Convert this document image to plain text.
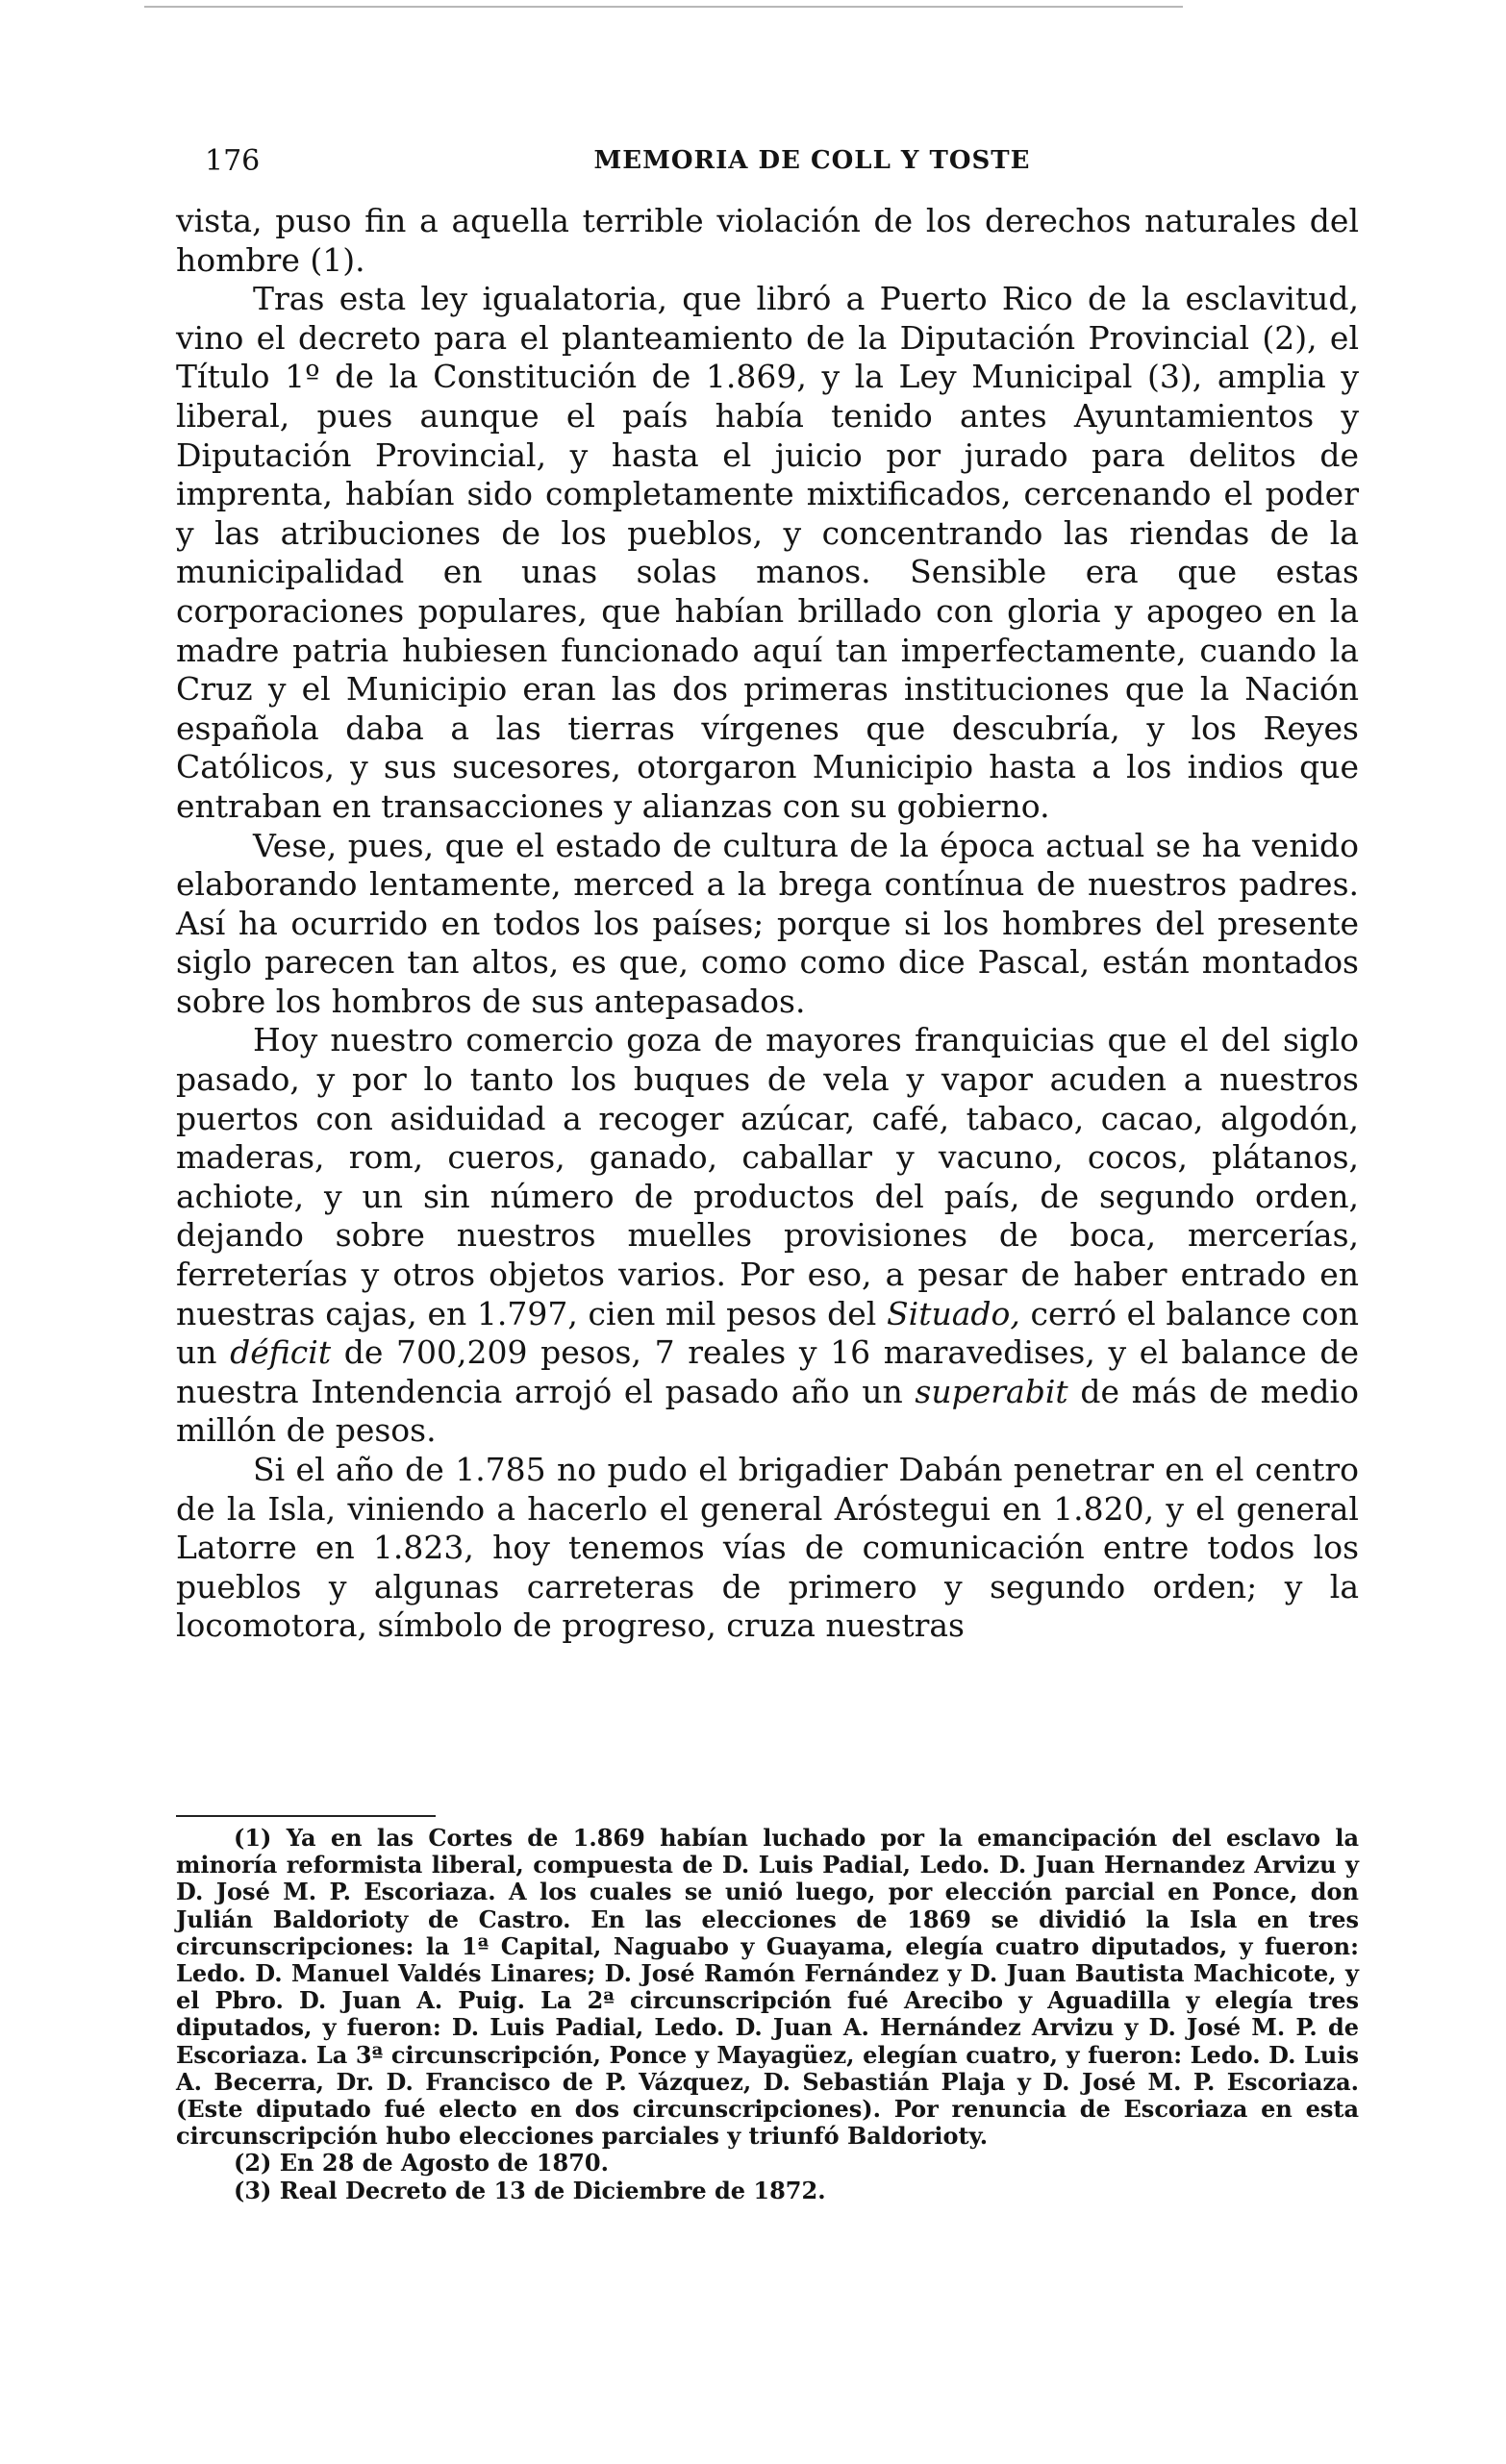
176	MEMORIA DE COLL Y TOSTE

vista, puso fin a aquella terrible violación de los derechos naturales del hombre (1).

Tras esta ley igualatoria, que libró a Puerto Rico de la esclavitud, vino el decreto para el planteamiento de la Diputación Provincial (2), el Título 1º de la Constitución de 1.869, y la Ley Municipal (3), amplia y liberal, pues aunque el país había tenido antes Ayuntamientos y Diputación Provincial, y hasta el juicio por jurado para delitos de imprenta, habían sido completamente mixtificados, cercenando el poder y las atribuciones de los pueblos, y concentrando las riendas de la municipalidad en unas solas manos. Sensible era que estas corporaciones populares, que habían brillado con gloria y apogeo en la madre patria hubiesen funcionado aquí tan imperfectamente, cuando la Cruz y el Municipio eran las dos primeras instituciones que la Nación española daba a las tierras vírgenes que descubría, y los Reyes Católicos, y sus sucesores, otorgaron Municipio hasta a los indios que entraban en transacciones y alianzas con su gobierno.

Vese, pues, que el estado de cultura de la época actual se ha venido elaborando lentamente, merced a la brega contínua de nuestros padres. Así ha ocurrido en todos los países; porque si los hombres del presente siglo parecen tan altos, es que, como como dice Pascal, están montados sobre los hombros de sus antepasados.

Hoy nuestro comercio goza de mayores franquicias que el del siglo pasado, y por lo tanto los buques de vela y vapor acuden a nuestros puertos con asiduidad a recoger azúcar, café, tabaco, cacao, algodón, maderas, rom, cueros, ganado, caballar y vacuno, cocos, plátanos, achiote, y un sin número de productos del país, de segundo orden, dejando sobre nuestros muelles provisiones de boca, mercerías, ferreterías y otros objetos varios. Por eso, a pesar de haber entrado en nuestras cajas, en 1.797, cien mil pesos del Situado, cerró el balance con un déficit de 700,209 pesos, 7 reales y 16 maravedises, y el balance de nuestra Intendencia arrojó el pasado año un superabit de más de medio millón de pesos.

Si el año de 1.785 no pudo el brigadier Dabán penetrar en el centro de la Isla, viniendo a hacerlo el general Aróstegui en 1.820, y el general Latorre en 1.823, hoy tenemos vías de comunicación entre todos los pueblos y algunas carreteras de primero y segundo orden; y la locomotora, símbolo de progreso, cruza nuestras

(1) Ya en las Cortes de 1.869 habían luchado por la emancipación del esclavo la minoría reformista liberal, compuesta de D. Luis Padial, Ledo. D. Juan Hernandez Arvizu y D. José M. P. Escoriaza. A los cuales se unió luego, por elección parcial en Ponce, don Julián Baldorioty de Castro. En las elecciones de 1869 se dividió la Isla en tres circunscripciones: la 1ª Capital, Naguabo y Guayama, elegía cuatro diputados, y fueron: Ledo. D. Manuel Valdés Linares; D. José Ramón Fernández y D. Juan Bautista Machicote, y el Pbro. D. Juan A. Puig. La 2ª circunscripción fué Arecibo y Aguadilla y elegía tres diputados, y fueron: D. Luis Padial, Ledo. D. Juan A. Hernández Arvizu y D. José M. P. de Escoriaza. La 3ª circunscripción, Ponce y Mayagüez, elegían cuatro, y fueron: Ledo. D. Luis A. Becerra, Dr. D. Francisco de P. Vázquez, D. Sebastián Plaja y D. José M. P. Escoriaza. (Este diputado fué electo en dos circunscripciones). Por renuncia de Escoriaza en esta circunscripción hubo elecciones parciales y triunfó Baldorioty.

(2) En 28 de Agosto de 1870.

(3) Real Decreto de 13 de Diciembre de 1872.
